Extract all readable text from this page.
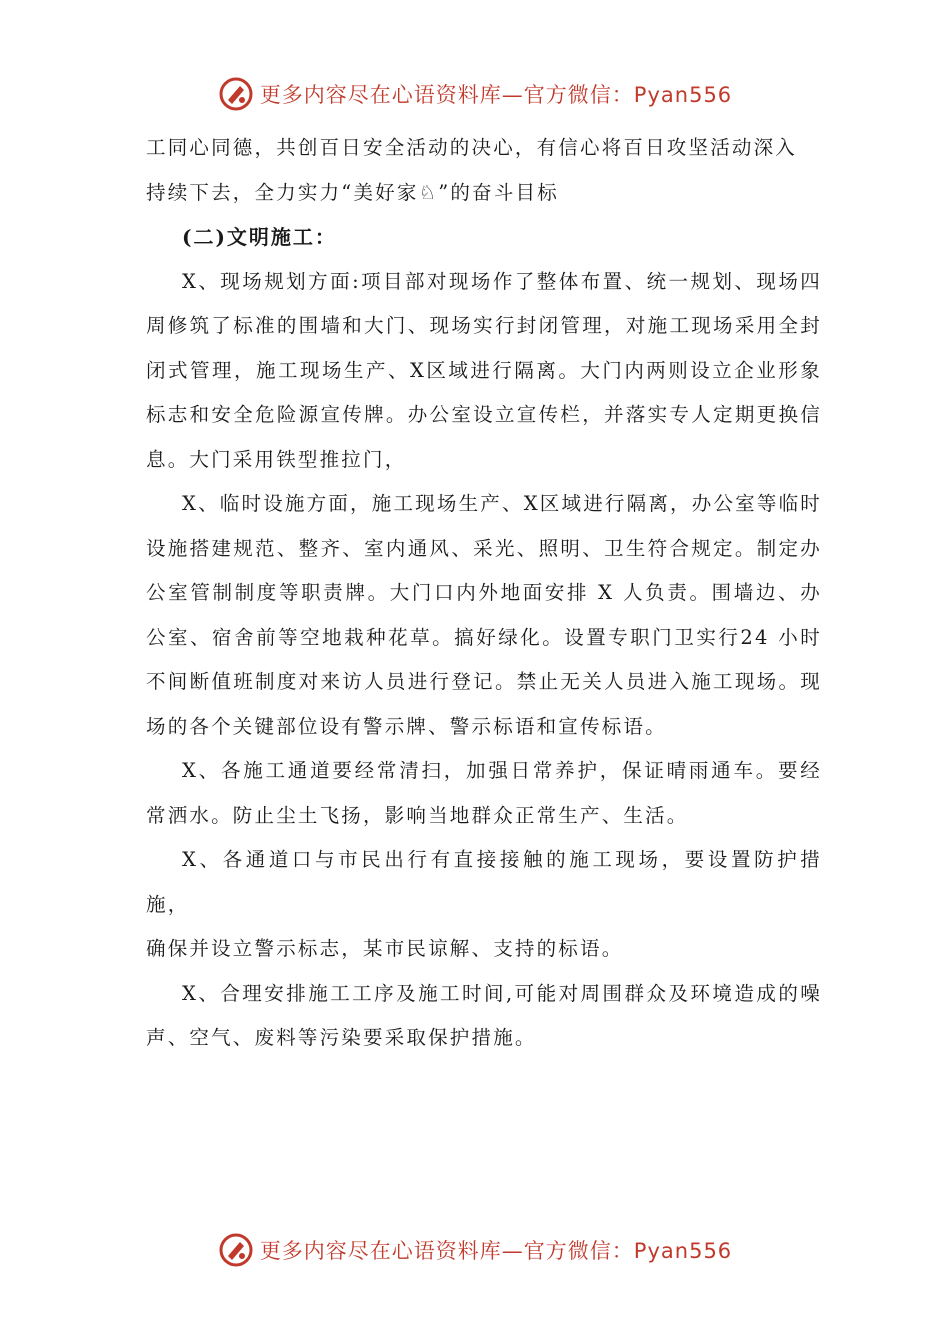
更多内容尽在心语资料库—官方微信：Pyan556

工同心同德，共创百日安全活动的决心，有信心将百日攻坚活动深入

持续下去，全力实力“美好家♘”的奋斗目标

(二)文明施工：

X、现场规划方面:项目部对现场作了整体布置、统一规划、现场四周修筑了标准的围墙和大门、现场实行封闭管理，对施工现场采用全封闭式管理，施工现场生产、X区域进行隔离。大门内两则设立企业形象标志和安全危险源宣传牌。办公室设立宣传栏，并落实专人定期更换信息。大门采用铁型推拉门，

X、临时设施方面，施工现场生产、X区域进行隔离，办公室等临时设施搭建规范、整齐、室内通风、采光、照明、卫生符合规定。制定办公室管制制度等职责牌。大门口内外地面安排 X 人负责。围墙边、办公室、宿舍前等空地栽种花草。搞好绿化。设置专职门卫实行24 小时不间断值班制度对来访人员进行登记。禁止无关人员进入施工现场。现场的各个关键部位设有警示牌、警示标语和宣传标语。

X、各施工通道要经常清扫，加强日常养护，保证晴雨通车。要经常洒水。防止尘土飞扬，影响当地群众正常生产、生活。

X、各通道口与市民出行有直接接触的施工现场，要设置防护措施，

确保并设立警示标志，某市民谅解、支持的标语。

X、合理安排施工工序及施工时间,可能对周围群众及环境造成的噪声、空气、废料等污染要采取保护措施。

更多内容尽在心语资料库—官方微信：Pyan556
